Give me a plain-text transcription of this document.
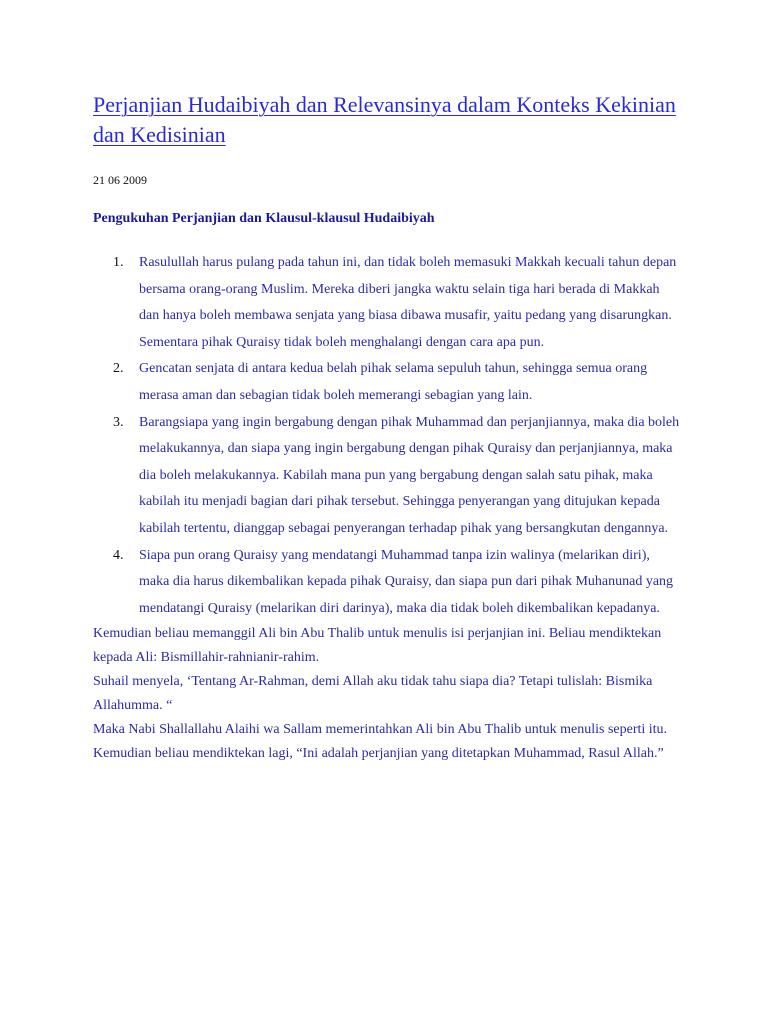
Perjanjian Hudaibiyah dan Relevansinya dalam Konteks Kekinian dan Kedisinian
21 06 2009
Pengukuhan Perjanjian dan Klausul-klausul Hudaibiyah
1. Rasulullah harus pulang pada tahun ini, dan tidak boleh memasuki Makkah kecuali tahun depan bersama orang-orang Muslim. Mereka diberi jangka waktu selain tiga hari berada di Makkah dan hanya boleh membawa senjata yang biasa dibawa musafir, yaitu pedang yang disarungkan. Sementara pihak Quraisy tidak boleh menghalangi dengan cara apa pun.
2. Gencatan senjata di antara kedua belah pihak selama sepuluh tahun, sehingga semua orang merasa aman dan sebagian tidak boleh memerangi sebagian yang lain.
3. Barangsiapa yang ingin bergabung dengan pihak Muhammad dan perjanjiannya, maka dia boleh melakukannya, dan siapa yang ingin bergabung dengan pihak Quraisy dan perjanjiannya, maka dia boleh melakukannya. Kabilah mana pun yang bergabung dengan salah satu pihak, maka kabilah itu menjadi bagian dari pihak tersebut. Sehingga penyerangan yang ditujukan kepada kabilah tertentu, dianggap sebagai penyerangan terhadap pihak yang bersangkutan dengannya.
4. Siapa pun orang Quraisy yang mendatangi Muhammad tanpa izin walinya (melarikan diri), maka dia harus dikembalikan kepada pihak Quraisy, dan siapa pun dari pihak Muhanunad yang mendatangi Quraisy (melarikan diri darinya), maka dia tidak boleh dikembalikan kepadanya.

Kemudian beliau memanggil Ali bin Abu Thalib untuk menulis isi perjanjian ini. Beliau mendiktekan kepada Ali: Bismillahir-rahnianir-rahim.

Suhail menyela, ‘Tentang Ar-Rahman, demi Allah aku tidak tahu siapa dia? Tetapi tulislah: Bismika Allahumma. “

Maka Nabi Shallallahu Alaihi wa Sallam memerintahkan Ali bin Abu Thalib untuk menulis seperti itu. Kemudian beliau mendiktekan lagi, “Ini adalah perjanjian yang ditetapkan Muhammad, Rasul Allah.”
